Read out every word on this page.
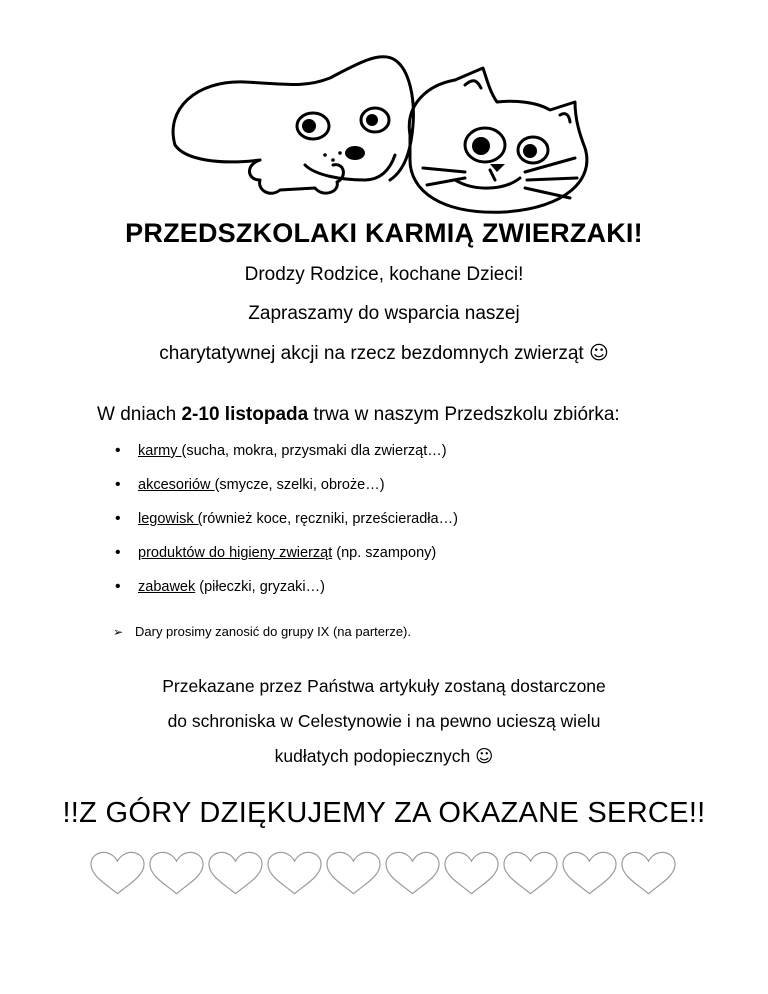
PRZEDSZKOLAKI KARMIĄ ZWIERZAKI!
Drodzy Rodzice, kochane Dzieci!
Zapraszamy do wsparcia naszej
charytatywnej akcji na rzecz bezdomnych zwierząt ☺
W dniach 2-10 listopada trwa w naszym Przedszkolu zbiórka:
• karmy (sucha, mokra, przysmaki dla zwierząt…)
• akcesoriów (smycze, szelki, obroże…)
• legowisk (również koce, ręczniki, prześcieradła…)
• produktów do higieny zwierząt (np. szampony)
• zabawek (piłeczki, gryzaki…)
➢ Dary prosimy zanosić do grupy IX (na parterze).
Przekazane przez Państwa artykuły zostaną dostarczone
do schroniska w Celestynowie i na pewno ucieszą wielu
kudłatych podopiecznych ☺
!!Z GÓRY DZIĘKUJEMY ZA OKAZANE SERCE!!
